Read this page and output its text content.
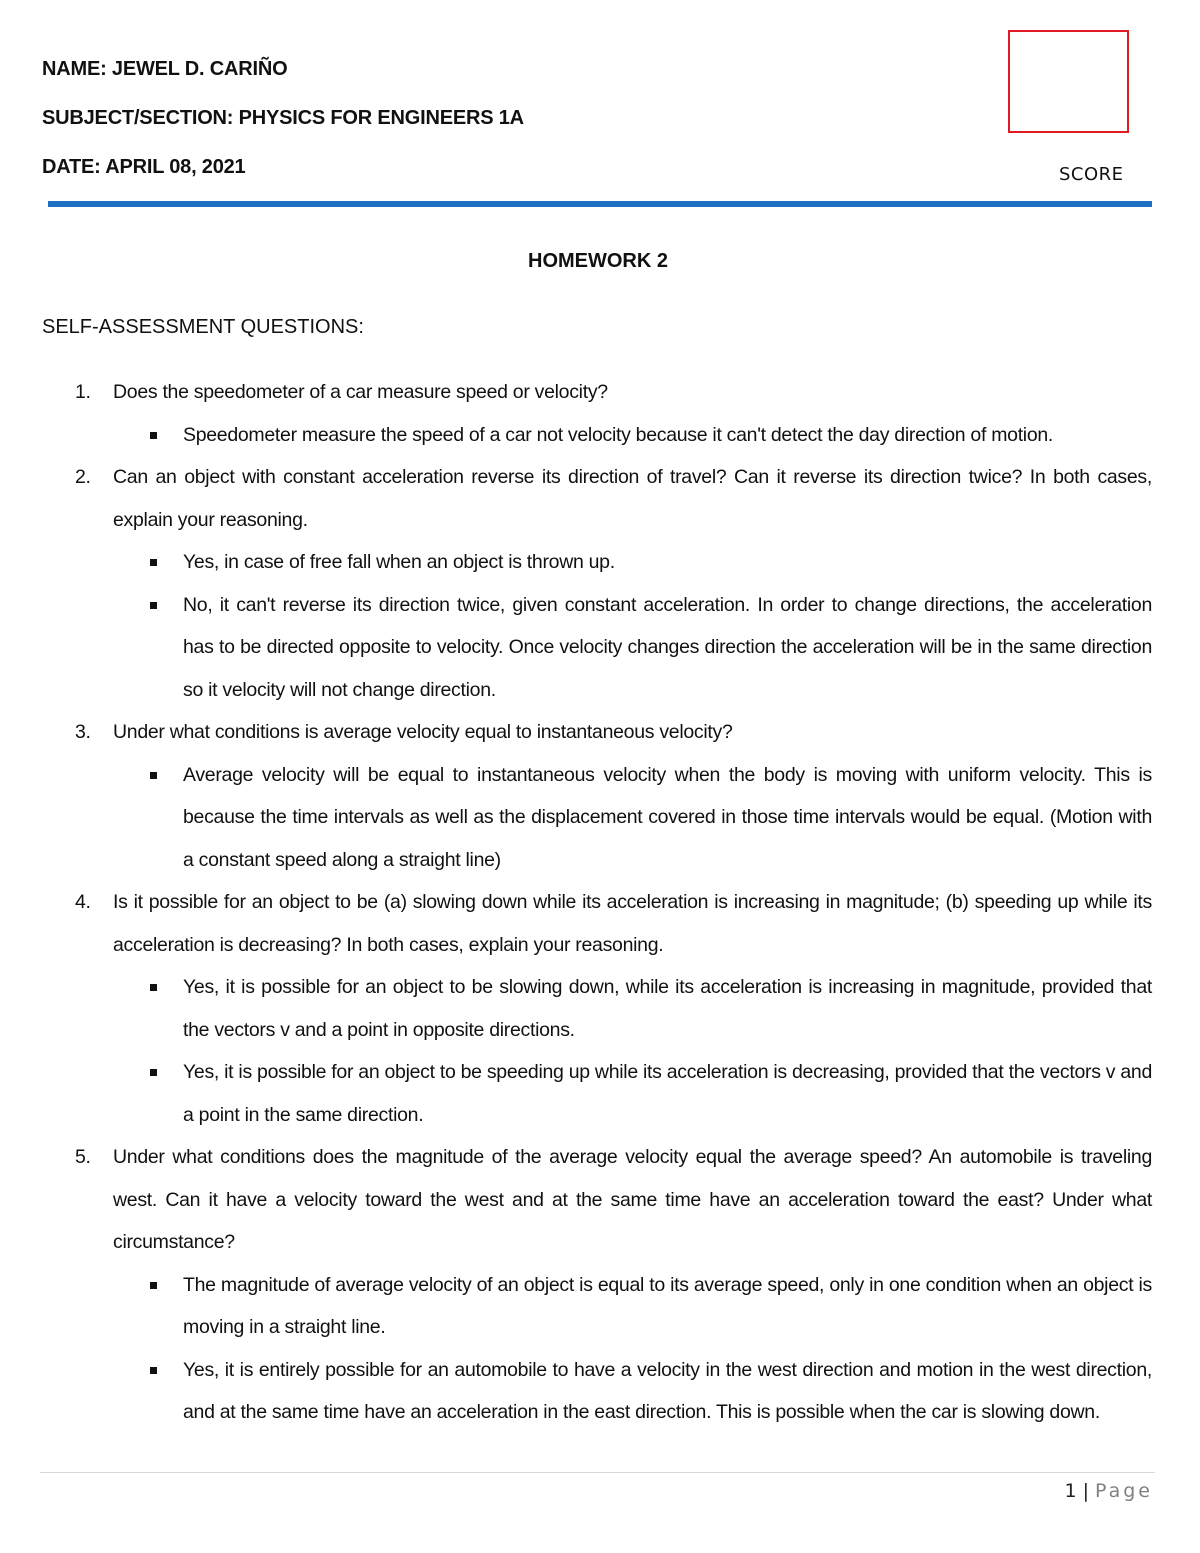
NAME: JEWEL D. CARIÑO

SUBJECT/SECTION: PHYSICS FOR ENGINEERS 1A

DATE: APRIL 08, 2021	SCORE

HOMEWORK 2

SELF-ASSESSMENT QUESTIONS:

1. Does the speedometer of a car measure speed or velocity?
Speedometer measure the speed of a car not velocity because it can't detect the day direction of motion.
2. Can an object with constant acceleration reverse its direction of travel? Can it reverse its direction twice? In both cases, explain your reasoning.
Yes, in case of free fall when an object is thrown up.
No, it can't reverse its direction twice, given constant acceleration. In order to change directions, the acceleration has to be directed opposite to velocity. Once velocity changes direction the acceleration will be in the same direction so it velocity will not change direction.
3. Under what conditions is average velocity equal to instantaneous velocity?
Average velocity will be equal to instantaneous velocity when the body is moving with uniform velocity. This is because the time intervals as well as the displacement covered in those time intervals would be equal. (Motion with a constant speed along a straight line)
4. Is it possible for an object to be (a) slowing down while its acceleration is increasing in magnitude; (b) speeding up while its acceleration is decreasing? In both cases, explain your reasoning.
Yes, it is possible for an object to be slowing down, while its acceleration is increasing in magnitude, provided that the vectors v and a point in opposite directions.
Yes, it is possible for an object to be speeding up while its acceleration is decreasing, provided that the vectors v and a point in the same direction.
5. Under what conditions does the magnitude of the average velocity equal the average speed? An automobile is traveling west. Can it have a velocity toward the west and at the same time have an acceleration toward the east? Under what circumstance?
The magnitude of average velocity of an object is equal to its average speed, only in one condition when an object is moving in a straight line.
Yes, it is entirely possible for an automobile to have a velocity in the west direction and motion in the west direction, and at the same time have an acceleration in the east direction. This is possible when the car is slowing down.
1 | Page
